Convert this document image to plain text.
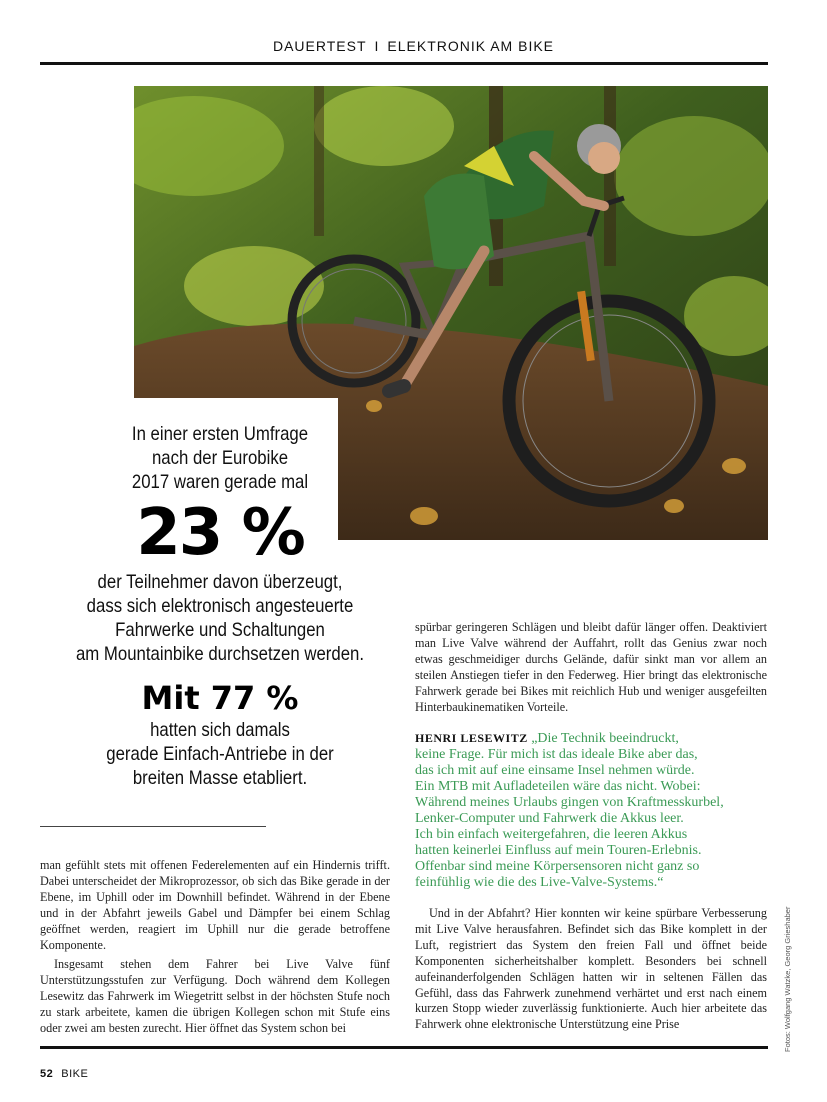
DAUERTEST I ELEKTRONIK AM BIKE
In einer ersten Umfrage
nach der Eurobike
2017 waren gerade mal
23 %
der Teilnehmer davon überzeugt,
dass sich elektronisch angesteuerte
Fahrwerke und Schaltungen
am Mountainbike durchsetzen werden.
Mit 77 %
hatten sich damals
gerade Einfach-Antriebe in der
breiten Masse etabliert.

man gefühlt stets mit offenen Federelementen auf ein Hindernis trifft. Dabei unterscheidet der Mikroprozessor, ob sich das Bike gerade in der Ebene, im Uphill oder im Downhill befindet. Während in der Ebene und in der Abfahrt jeweils Gabel und Dämpfer bei einem Schlag geöffnet werden, reagiert im Uphill nur die gerade betroffene Komponente.

Insgesamt stehen dem Fahrer bei Live Valve fünf Unterstützungsstufen zur Verfügung. Doch während dem Kollegen Lesewitz das Fahrwerk im Wiegetritt selbst in der höchsten Stufe noch zu stark arbeitete, kamen die übrigen Kollegen schon mit Stufe eins oder zwei am besten zurecht. Hier öffnet das System schon bei

spürbar geringeren Schlägen und bleibt dafür länger offen. Deaktiviert man Live Valve während der Auffahrt, rollt das Genius zwar noch etwas geschmeidiger durchs Gelände, dafür sinkt man vor allem an steilen Anstiegen tiefer in den Federweg. Hier bringt das elektronische Fahrwerk gerade bei Bikes mit reichlich Hub und weniger ausgefeilten Hinterbaukinematiken Vorteile.

HENRI LESEWITZ „Die Technik beeindruckt,
keine Frage. Für mich ist das ideale Bike aber das,
das ich mit auf eine einsame Insel nehmen würde.
Ein MTB mit Aufladeteilen wäre das nicht. Wobei:
Während meines Urlaubs gingen von Kraftmesskurbel,
Lenker-Computer und Fahrwerk die Akkus leer.
Ich bin einfach weitergefahren, die leeren Akkus
hatten keinerlei Einfluss auf mein Touren-Erlebnis.
Offenbar sind meine Körpersensoren nicht ganz so
feinfühlig wie die des Live-Valve-Systems.“

Und in der Abfahrt? Hier konnten wir keine spürbare Verbesserung mit Live Valve herausfahren. Befindet sich das Bike komplett in der Luft, registriert das System den freien Fall und öffnet beide Komponenten sicherheitshalber komplett. Besonders bei schnell aufeinanderfolgenden Schlägen hatten wir in seltenen Fällen das Gefühl, dass das Fahrwerk zunehmend verhärtet und erst nach einem kurzen Stopp wieder zuverlässig funktionierte. Auch hier arbeitete das Fahrwerk ohne elektronische Unterstützung eine Prise	Fotos: Wolfgang Watzke, Georg Grieshaber
52 BIKE
